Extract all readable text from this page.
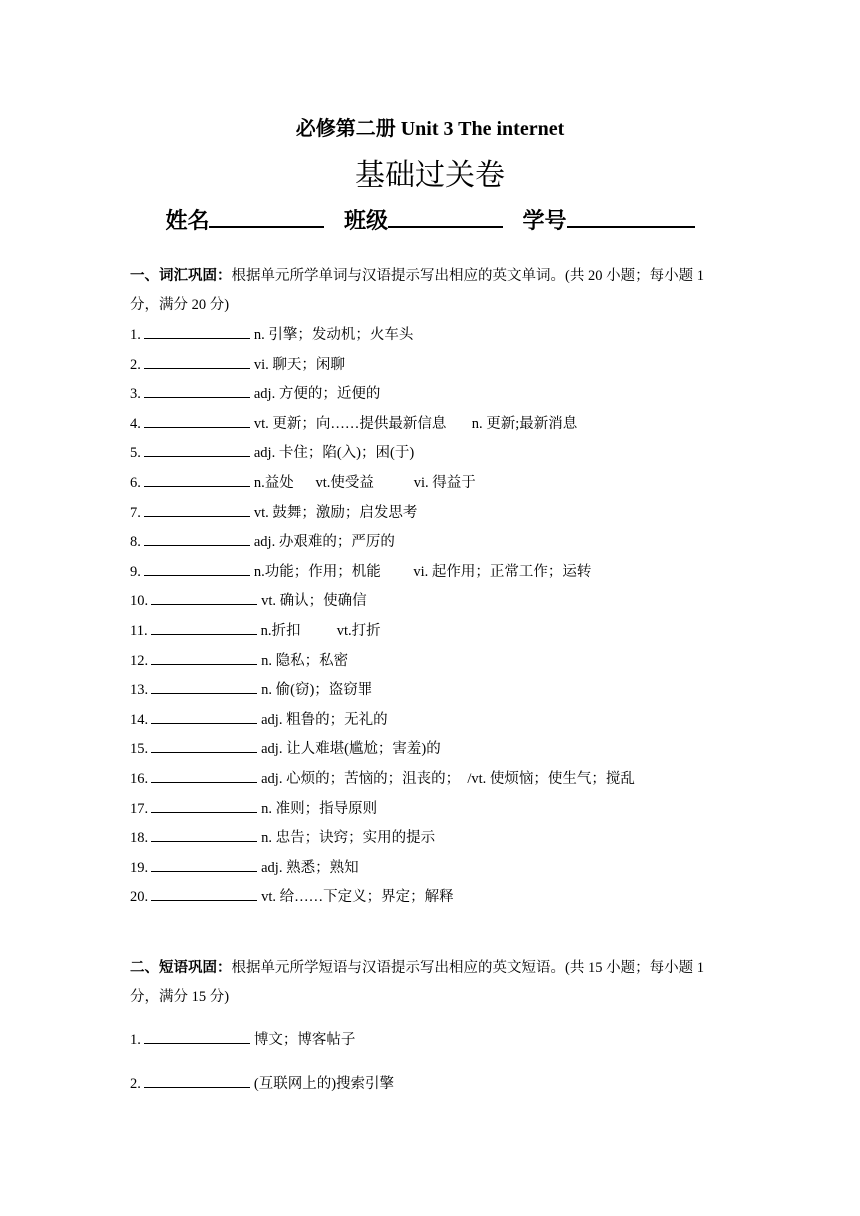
必修第二册 Unit 3 The internet
基础过关卷
姓名	班级	学号
一、词汇巩固：根据单元所学单词与汉语提示写出相应的英文单词。(共 20 小题；每小题 1 分，满分 20 分)
1.	n. 引擎；发动机；火车头
2.	vi. 聊天；闲聊
3.	adj. 方便的；近便的
4.	vt. 更新；向……提供最新信息       n. 更新;最新消息
5.	adj. 卡住；陷(入)；困(于)
6.	n.益处      vt.使受益           vi. 得益于
7.	vt. 鼓舞；激励；启发思考
8.	adj. 办艰难的；严厉的
9.	n.功能；作用；机能         vi. 起作用；正常工作；运转
10.	vt. 确认；使确信
11.	n.折扣          vt.打折
12.	n. 隐私；私密
13.	n. 偷(窃)；盗窃罪
14.	adj. 粗鲁的；无礼的
15.	adj. 让人难堪(尴尬；害羞)的
16.	adj. 心烦的；苦恼的；沮丧的；  /vt. 使烦恼；使生气；搅乱
17.	n. 准则；指导原则
18.	n. 忠告；诀窍；实用的提示
19.	adj. 熟悉；熟知
20.	vt. 给……下定义；界定；解释
二、短语巩固：根据单元所学短语与汉语提示写出相应的英文短语。(共 15 小题；每小题 1 分，满分 15 分)
1.	博文；博客帖子
2.	(互联网上的)搜索引擎
